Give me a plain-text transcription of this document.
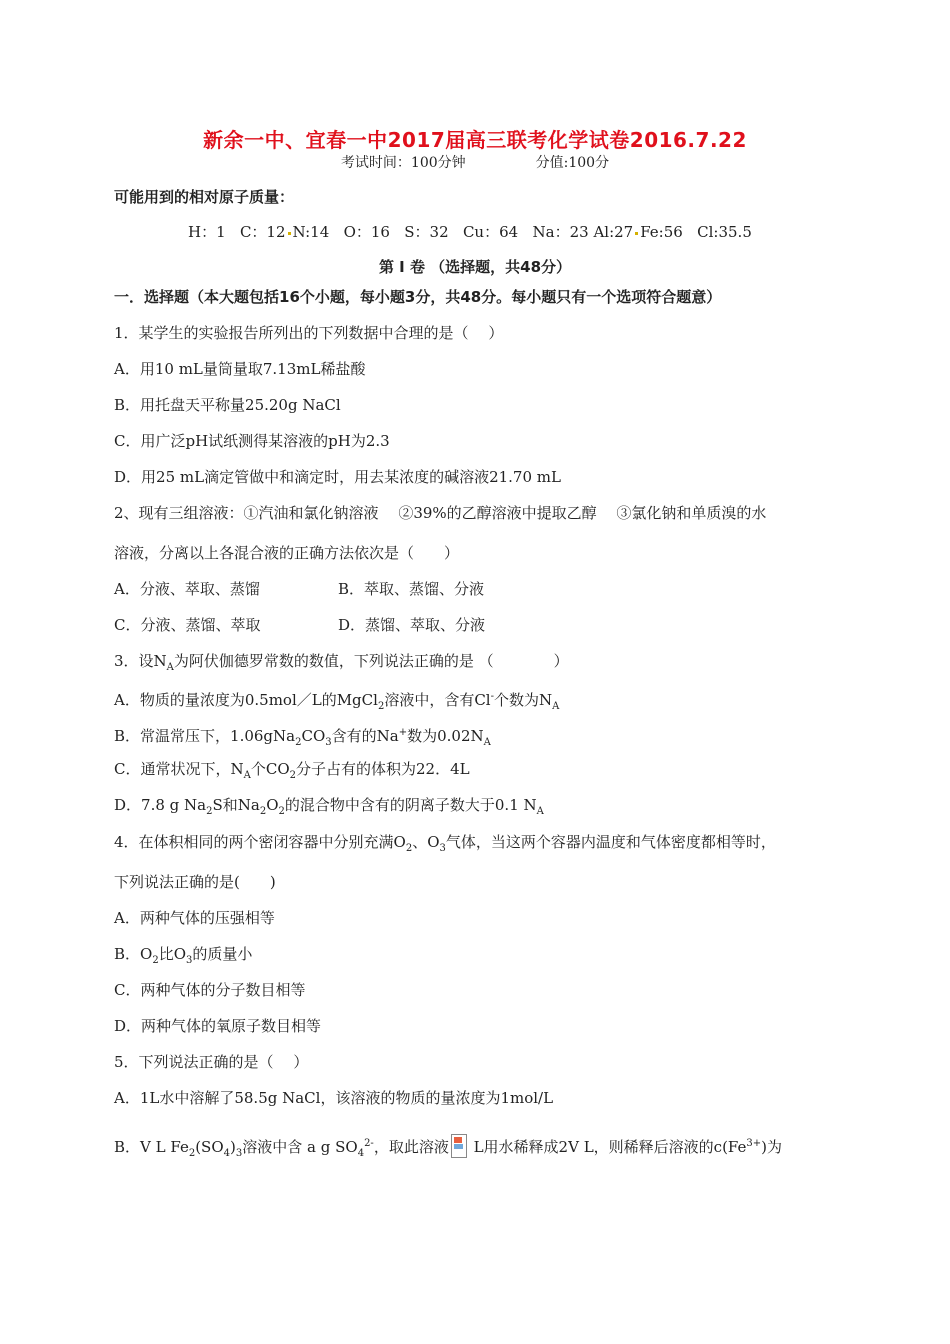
新余一中、宜春一中2017届高三联考化学试卷2016.7.22
考试时间：100分钟	分值:100分
可能用到的相对原子质量：
H：1 C：12 N:14 O：16 S：32 Cu：64 Na：23 Al:27 Fe:56 Cl:35.5
第 I 卷 （选择题，共48分）
一．选择题（本大题包括16个小题，每小题3分，共48分。每小题只有一个选项符合题意）
1．某学生的实验报告所列出的下列数据中合理的是（　 ）
A．用10 mL量筒量取7.13mL稀盐酸
B．用托盘天平称量25.20g NaCl
C．用广泛pH试纸测得某溶液的pH为2.3
D．用25 mL滴定管做中和滴定时，用去某浓度的碱溶液21.70 mL
2、现有三组溶液：①汽油和氯化钠溶液　 ②39%的乙醇溶液中提取乙醇　 ③氯化钠和单质溴的水
溶液，分离以上各混合液的正确方法依次是（　　）
A．分液、萃取、蒸馏	B．萃取、蒸馏、分液
C．分液、蒸馏、萃取	D．蒸馏、萃取、分液
3．设$N_A$为阿伏伽德罗常数的数值，下列说法正确的是 （　　　　）
A．物质的量浓度为0.5mol／L的MgCl$_2$溶液中，含有Cl-个数为$N_A$
B．常温常压下，$1.06gNa_2CO_3$含有的Na+数为$0.02N_A$
C．通常状况下，$N_A$个$CO_2$分子占有的体积为22．4L
D．7.8 g $Na_2S$和$Na_2O_2$的混合物中含有的阴离子数大于0.1 $N_A$
4．在体积相同的两个密闭容器中分别充满$O_2$、$O_3$气体，当这两个容器内温度和气体密度都相等时，
下列说法正确的是(　　)
A．两种气体的压强相等
B．$O_2$比$O_3$的质量小
C．两种气体的分子数目相等
D．两种气体的氧原子数目相等
5．下列说法正确的是（　 ）
A．1L水中溶解了58.5g NaCl，该溶液的物质的量浓度为1mol/L
B．V L $Fe_2(SO_4)_3$溶液中含 a g $SO_4^{2-}$，取此溶液
L用水稀释成2V L，则稀释后溶液的$c(Fe^{3+})$为
